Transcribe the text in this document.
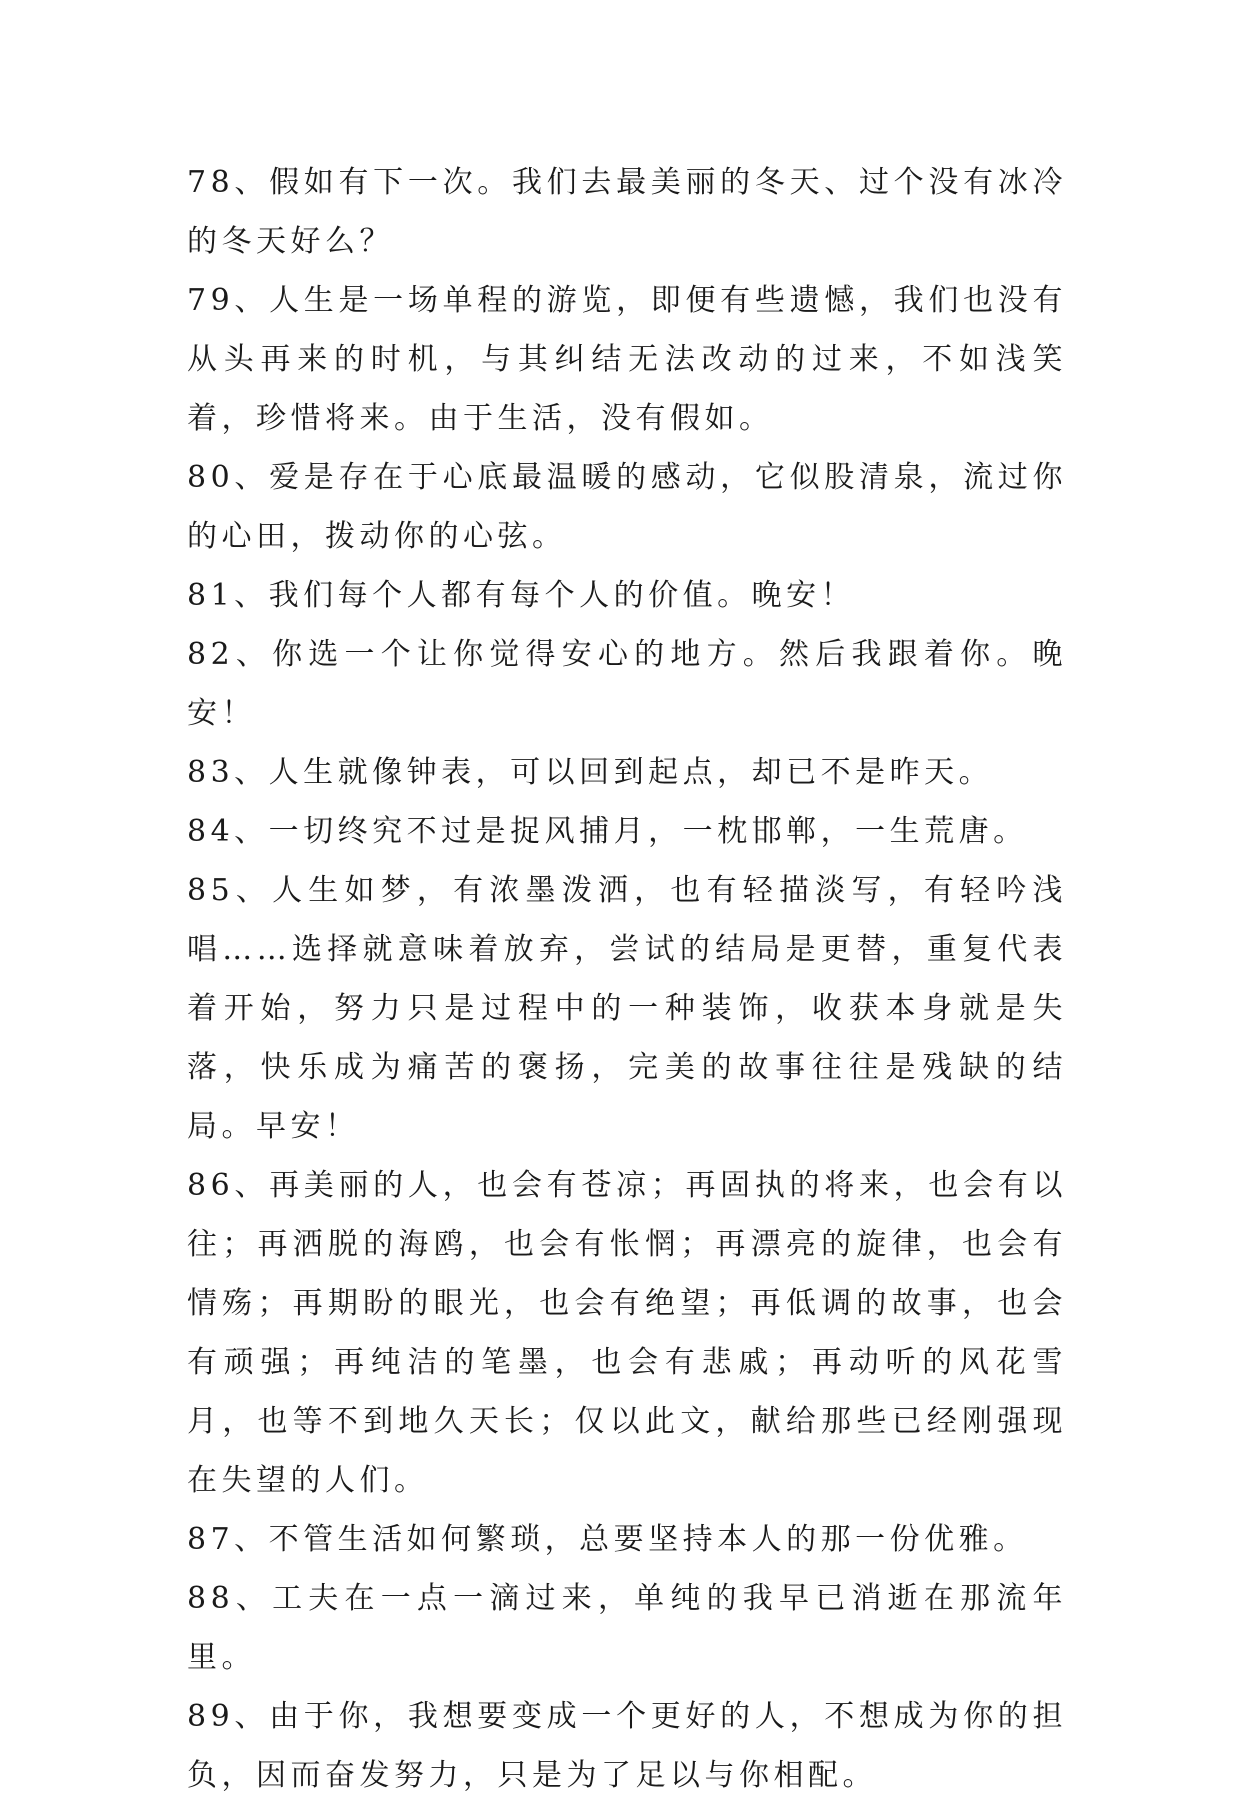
78、假如有下一次。我们去最美丽的冬天、过个没有冰冷的冬天好么？

79、人生是一场单程的游览，即便有些遗憾，我们也没有从头再来的时机，与其纠结无法改动的过来，不如浅笑着，珍惜将来。由于生活，没有假如。

80、爱是存在于心底最温暖的感动，它似股清泉，流过你的心田，拨动你的心弦。

81、我们每个人都有每个人的价值。晚安！

82、你选一个让你觉得安心的地方。然后我跟着你。晚安！

83、人生就像钟表，可以回到起点，却已不是昨天。

84、一切终究不过是捉风捕月，一枕邯郸，一生荒唐。

85、人生如梦，有浓墨泼洒，也有轻描淡写，有轻吟浅唱……选择就意味着放弃，尝试的结局是更替，重复代表着开始，努力只是过程中的一种装饰，收获本身就是失落，快乐成为痛苦的褒扬，完美的故事往往是残缺的结局。早安！

86、再美丽的人，也会有苍凉；再固执的将来，也会有以往；再洒脱的海鸥，也会有怅惘；再漂亮的旋律，也会有情殇；再期盼的眼光，也会有绝望；再低调的故事，也会有顽强；再纯洁的笔墨，也会有悲戚；再动听的风花雪月，也等不到地久天长；仅以此文，献给那些已经刚强现在失望的人们。

87、不管生活如何繁琐，总要坚持本人的那一份优雅。

88、工夫在一点一滴过来，单纯的我早已消逝在那流年里。

89、由于你，我想要变成一个更好的人，不想成为你的担负，因而奋发努力，只是为了足以与你相配。
